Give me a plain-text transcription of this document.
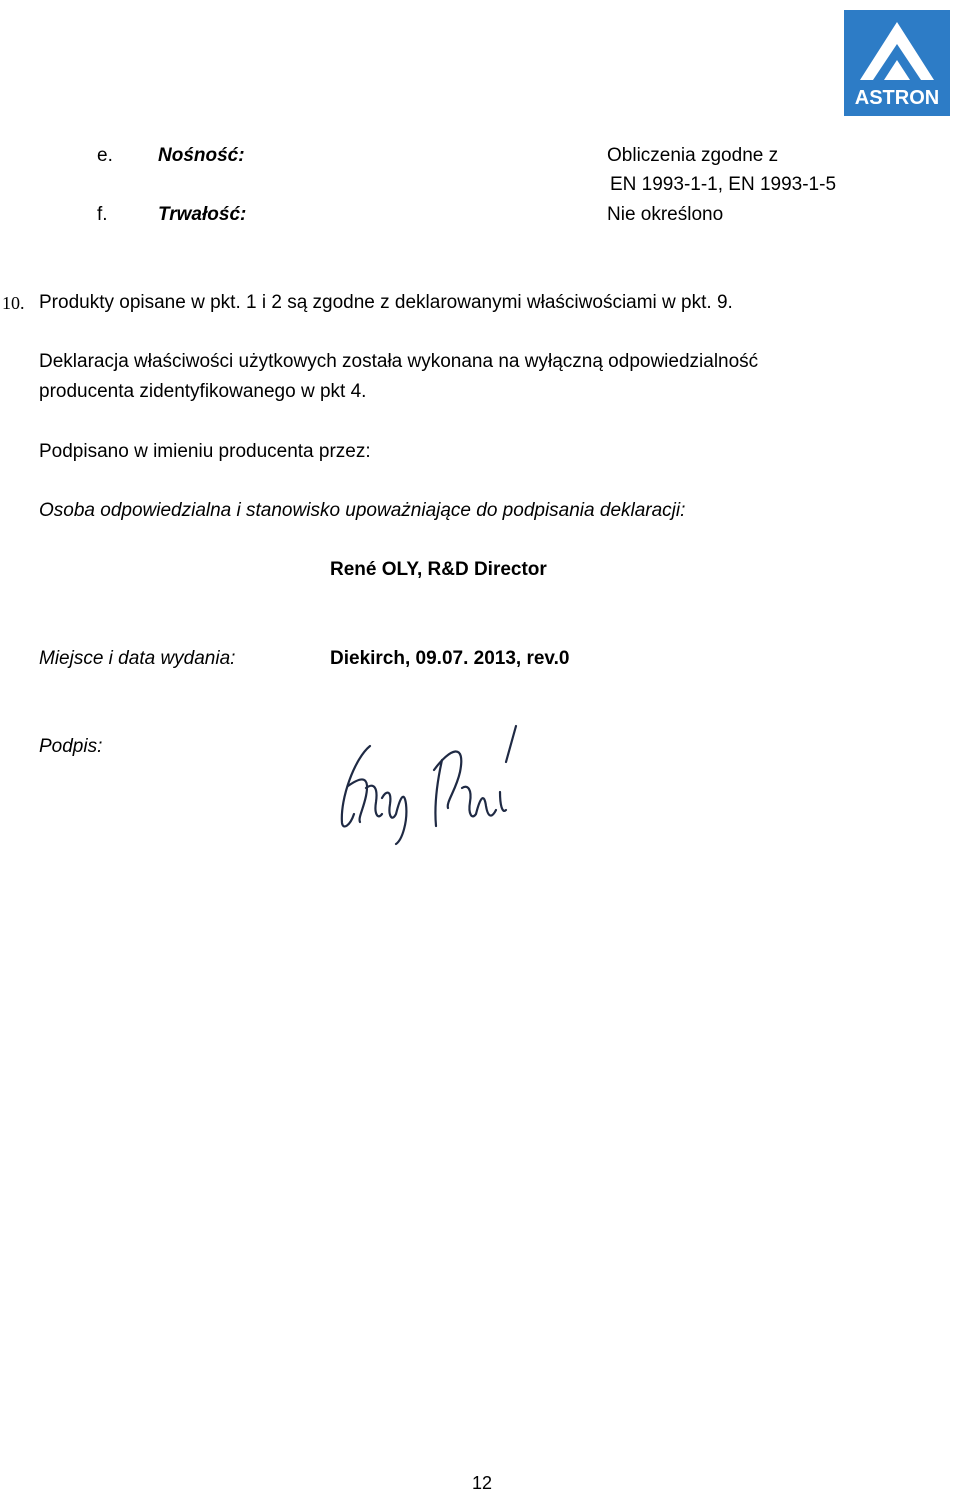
ASTRON
e. Nośność:	Obliczenia zgodne z
EN 1993-1-1, EN 1993-1-5
f.	Trwałość:	Nie określono
10. Produkty opisane w pkt. 1 i 2 są zgodne z deklarowanymi właściwościami w pkt. 9.
Deklaracja właściwości użytkowych została wykonana na wyłączną odpowiedzialność
producenta zidentyfikowanego w pkt 4.
Podpisano w imieniu producenta przez:
Osoba odpowiedzialna i stanowisko upoważniające do podpisania deklaracji:
René OLY, R&D Director
Miejsce i data wydania:	Diekirch, 09.07. 2013, rev.0
Podpis:
12
